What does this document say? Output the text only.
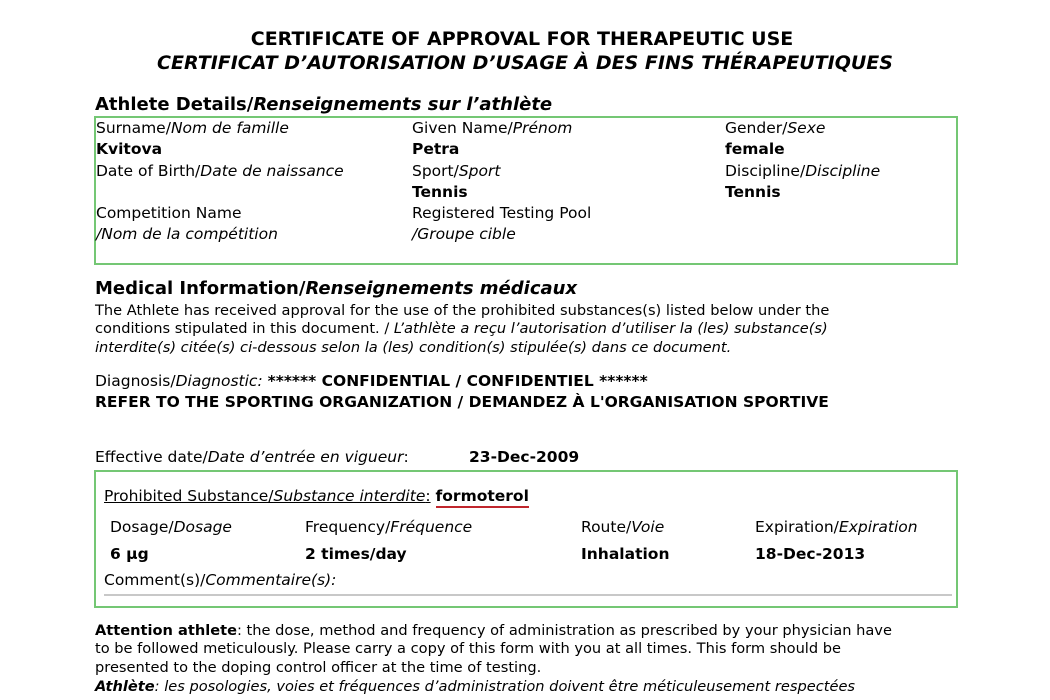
CERTIFICATE OF APPROVAL FOR THERAPEUTIC USE
CERTIFICAT D’AUTORISATION D’USAGE À DES FINS THÉRAPEUTIQUES
Athlete Details/Renseignements sur l’athlète
Surname/Nom de famille
Kvitova
Given Name/Prénom
Petra
Gender/Sexe
female
Date of Birth/Date de naissance	Sport/Sport
Tennis
Discipline/Discipline
Tennis
Competition Name
/Nom de la compétition
Registered Testing Pool
/Groupe cible
Medical Information/Renseignements médicaux
The Athlete has received approval for the use of the prohibited substances(s) listed below under the
conditions stipulated in this document. / L’athlète a reçu l’autorisation d’utiliser la (les) substance(s)
interdite(s) citée(s) ci-dessous selon la (les) condition(s) stipulée(s) dans ce document.
Diagnosis/Diagnostic: ****** CONFIDENTIAL / CONFIDENTIEL ******
REFER TO THE SPORTING ORGANIZATION / DEMANDEZ À L'ORGANISATION SPORTIVE
Effective date/Date d’entrée en vigueur:	23-Dec-2009
Prohibited Substance/Substance interdite: formoterol
Dosage/Dosage
6 µg
Frequency/Fréquence
2 times/day
Route/Voie
Inhalation
Expiration/Expiration
18-Dec-2013
Comment(s)/Commentaire(s):
Attention athlete: the dose, method and frequency of administration as prescribed by your physician have
to be followed meticulously. Please carry a copy of this form with you at all times. This form should be
presented to the doping control officer at the time of testing.
Athlète: les posologies, voies et fréquences d’administration doivent être méticuleusement respectées
